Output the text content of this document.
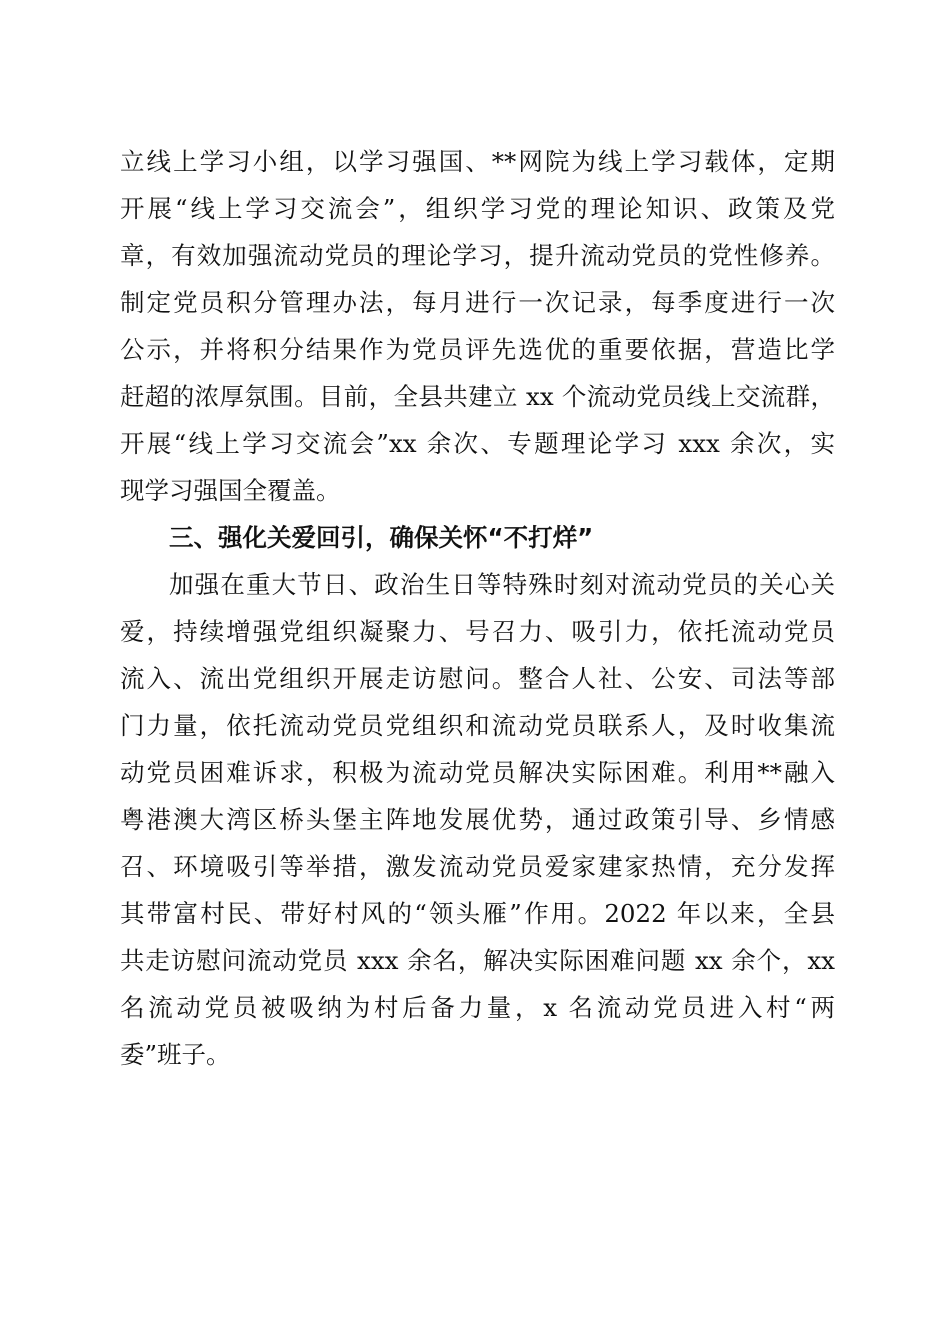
立线上学习小组，以学习强国、**网院为线上学习载体，定期
开展“线上学习交流会”，组织学习党的理论知识、政策及党
章，有效加强流动党员的理论学习，提升流动党员的党性修养。
制定党员积分管理办法，每月进行一次记录，每季度进行一次
公示，并将积分结果作为党员评先选优的重要依据，营造比学
赶超的浓厚氛围。目前，全县共建立 xx 个流动党员线上交流群，
开展“线上学习交流会”xx 余次、专题理论学习 xxx 余次，实
现学习强国全覆盖。
三、强化关爱回引，确保关怀“不打烊”
加强在重大节日、政治生日等特殊时刻对流动党员的关心关
爱，持续增强党组织凝聚力、号召力、吸引力，依托流动党员
流入、流出党组织开展走访慰问。整合人社、公安、司法等部
门力量，依托流动党员党组织和流动党员联系人，及时收集流
动党员困难诉求，积极为流动党员解决实际困难。利用**融入
粤港澳大湾区桥头堡主阵地发展优势，通过政策引导、乡情感
召、环境吸引等举措，激发流动党员爱家建家热情，充分发挥
其带富村民、带好村风的“领头雁”作用。2022 年以来，全县
共走访慰问流动党员 xxx 余名，解决实际困难问题 xx 余个，xx
名流动党员被吸纳为村后备力量，x 名流动党员进入村“两
委”班子。
